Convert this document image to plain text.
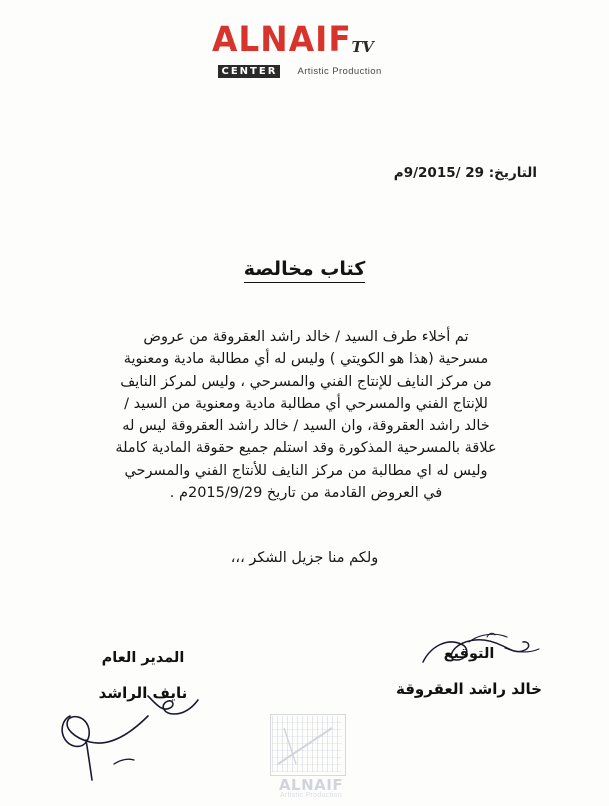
ALNAIF TV
CENTER	Artistic Production
التاريخ: 29 /9/2015م
كتاب مخالصة
تم أخلاء طرف السيد / خالد راشد العقروقة من عروض
مسرحية (هذا هو الكويتي ) وليس له أي مطالبة مادية ومعنوية
من مركز النايف للإنتاج الفني والمسرحي ، وليس لمركز النايف
للإنتاج الفني والمسرحي أي مطالبة مادية ومعنوية من السيد /
خالد راشد العقروقة، وان السيد / خالد راشد العقروقة ليس له
علاقة بالمسرحية المذكورة وقد استلم جميع حقوقة المادية كاملة
وليس له اي مطالبة من مركز النايف للأنتاج الفني والمسرحي
في العروض القادمة من تاريخ 2015/9/29م .
ولكم منا جزيل الشكر ،،،
التوقيع
خالد راشد العقروقة
المدير العام
نايف الراشد
ALNAIF
Artistic Production
